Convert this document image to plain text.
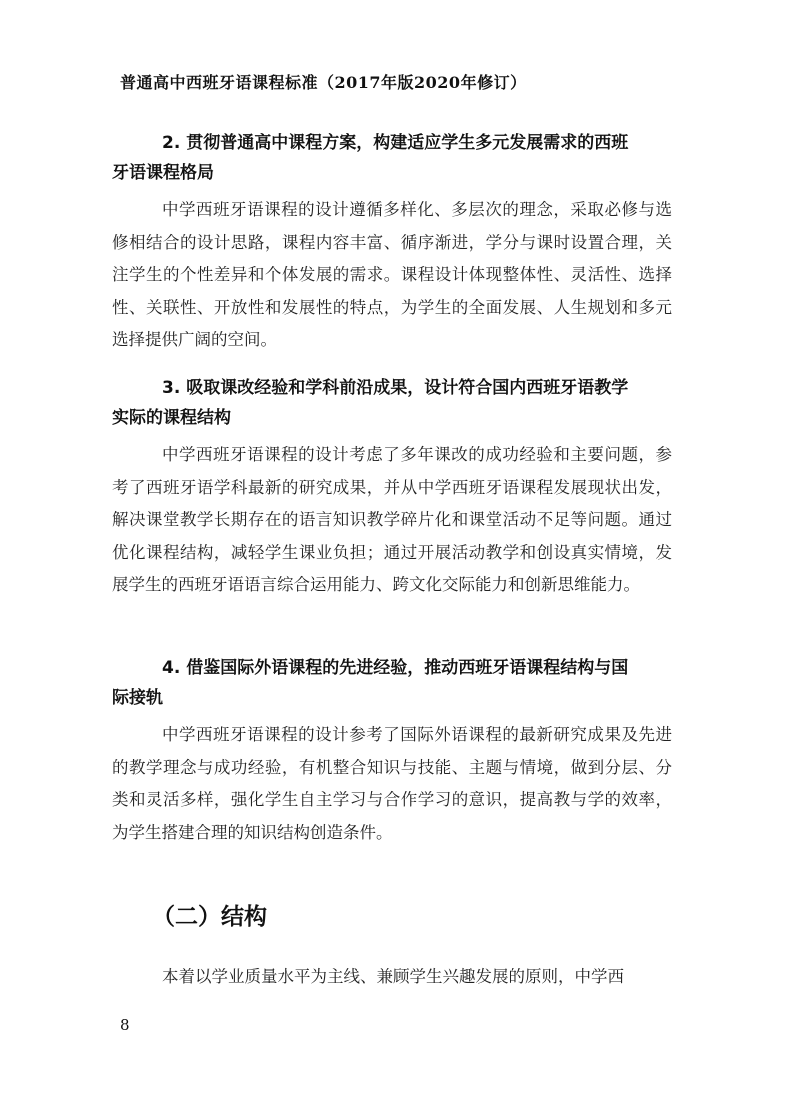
普通高中西班牙语课程标准（2017年版2020年修订）

2. 贯彻普通高中课程方案，构建适应学生多元发展需求的西班
牙语课程格局

中学西班牙语课程的设计遵循多样化、多层次的理念，采取必修与选修相结合的设计思路，课程内容丰富、循序渐进，学分与课时设置合理，关注学生的个性差异和个体发展的需求。课程设计体现整体性、灵活性、选择性、关联性、开放性和发展性的特点，为学生的全面发展、人生规划和多元选择提供广阔的空间。

3. 吸取课改经验和学科前沿成果，设计符合国内西班牙语教学
实际的课程结构

中学西班牙语课程的设计考虑了多年课改的成功经验和主要问题，参考了西班牙语学科最新的研究成果，并从中学西班牙语课程发展现状出发，解决课堂教学长期存在的语言知识教学碎片化和课堂活动不足等问题。通过优化课程结构，减轻学生课业负担；通过开展活动教学和创设真实情境，发展学生的西班牙语语言综合运用能力、跨文化交际能力和创新思维能力。

4. 借鉴国际外语课程的先进经验，推动西班牙语课程结构与国
际接轨

中学西班牙语课程的设计参考了国际外语课程的最新研究成果及先进的教学理念与成功经验，有机整合知识与技能、主题与情境，做到分层、分类和灵活多样，强化学生自主学习与合作学习的意识，提高教与学的效率，为学生搭建合理的知识结构创造条件。

（二）结构

本着以学业质量水平为主线、兼顾学生兴趣发展的原则，中学西

8
